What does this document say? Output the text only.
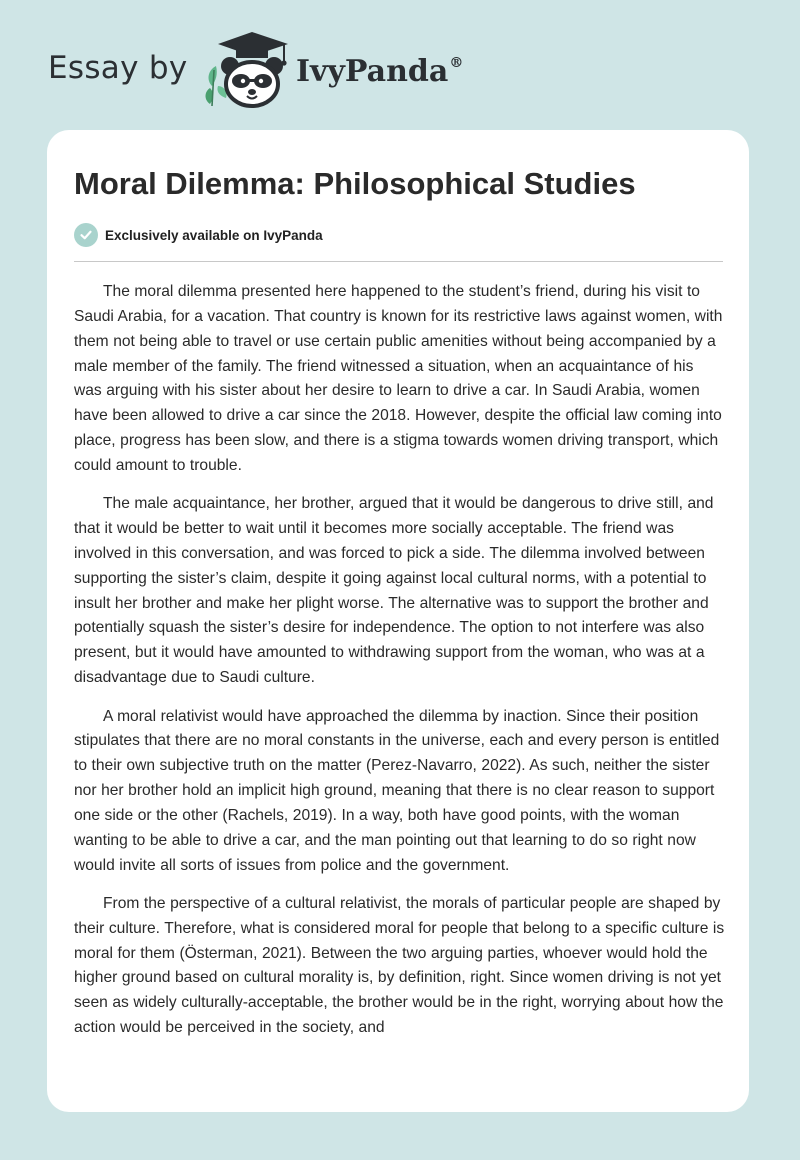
Essay by	IvyPanda®
Moral Dilemma: Philosophical Studies
Exclusively available on IvyPanda

The moral dilemma presented here happened to the student’s friend, during his visit to Saudi Arabia, for a vacation. That country is known for its restrictive laws against women, with them not being able to travel or use certain public amenities without being accompanied by a male member of the family. The friend witnessed a situation, when an acquaintance of his was arguing with his sister about her desire to learn to drive a car. In Saudi Arabia, women have been allowed to drive a car since the 2018. However, despite the official law coming into place, progress has been slow, and there is a stigma towards women driving transport, which could amount to trouble.

The male acquaintance, her brother, argued that it would be dangerous to drive still, and that it would be better to wait until it becomes more socially acceptable. The friend was involved in this conversation, and was forced to pick a side. The dilemma involved between supporting the sister’s claim, despite it going against local cultural norms, with a potential to insult her brother and make her plight worse. The alternative was to support the brother and potentially squash the sister’s desire for independence. The option to not interfere was also present, but it would have amounted to withdrawing support from the woman, who was at a disadvantage due to Saudi culture.

A moral relativist would have approached the dilemma by inaction. Since their position stipulates that there are no moral constants in the universe, each and every person is entitled to their own subjective truth on the matter (Perez-Navarro, 2022). As such, neither the sister nor her brother hold an implicit high ground, meaning that there is no clear reason to support one side or the other (Rachels, 2019). In a way, both have good points, with the woman wanting to be able to drive a car, and the man pointing out that learning to do so right now would invite all sorts of issues from police and the government.

From the perspective of a cultural relativist, the morals of particular people are shaped by their culture. Therefore, what is considered moral for people that belong to a specific culture is moral for them (Österman, 2021). Between the two arguing parties, whoever would hold the higher ground based on cultural morality is, by definition, right. Since women driving is not yet seen as widely culturally-acceptable, the brother would be in the right, worrying about how the action would be perceived in the society, and
